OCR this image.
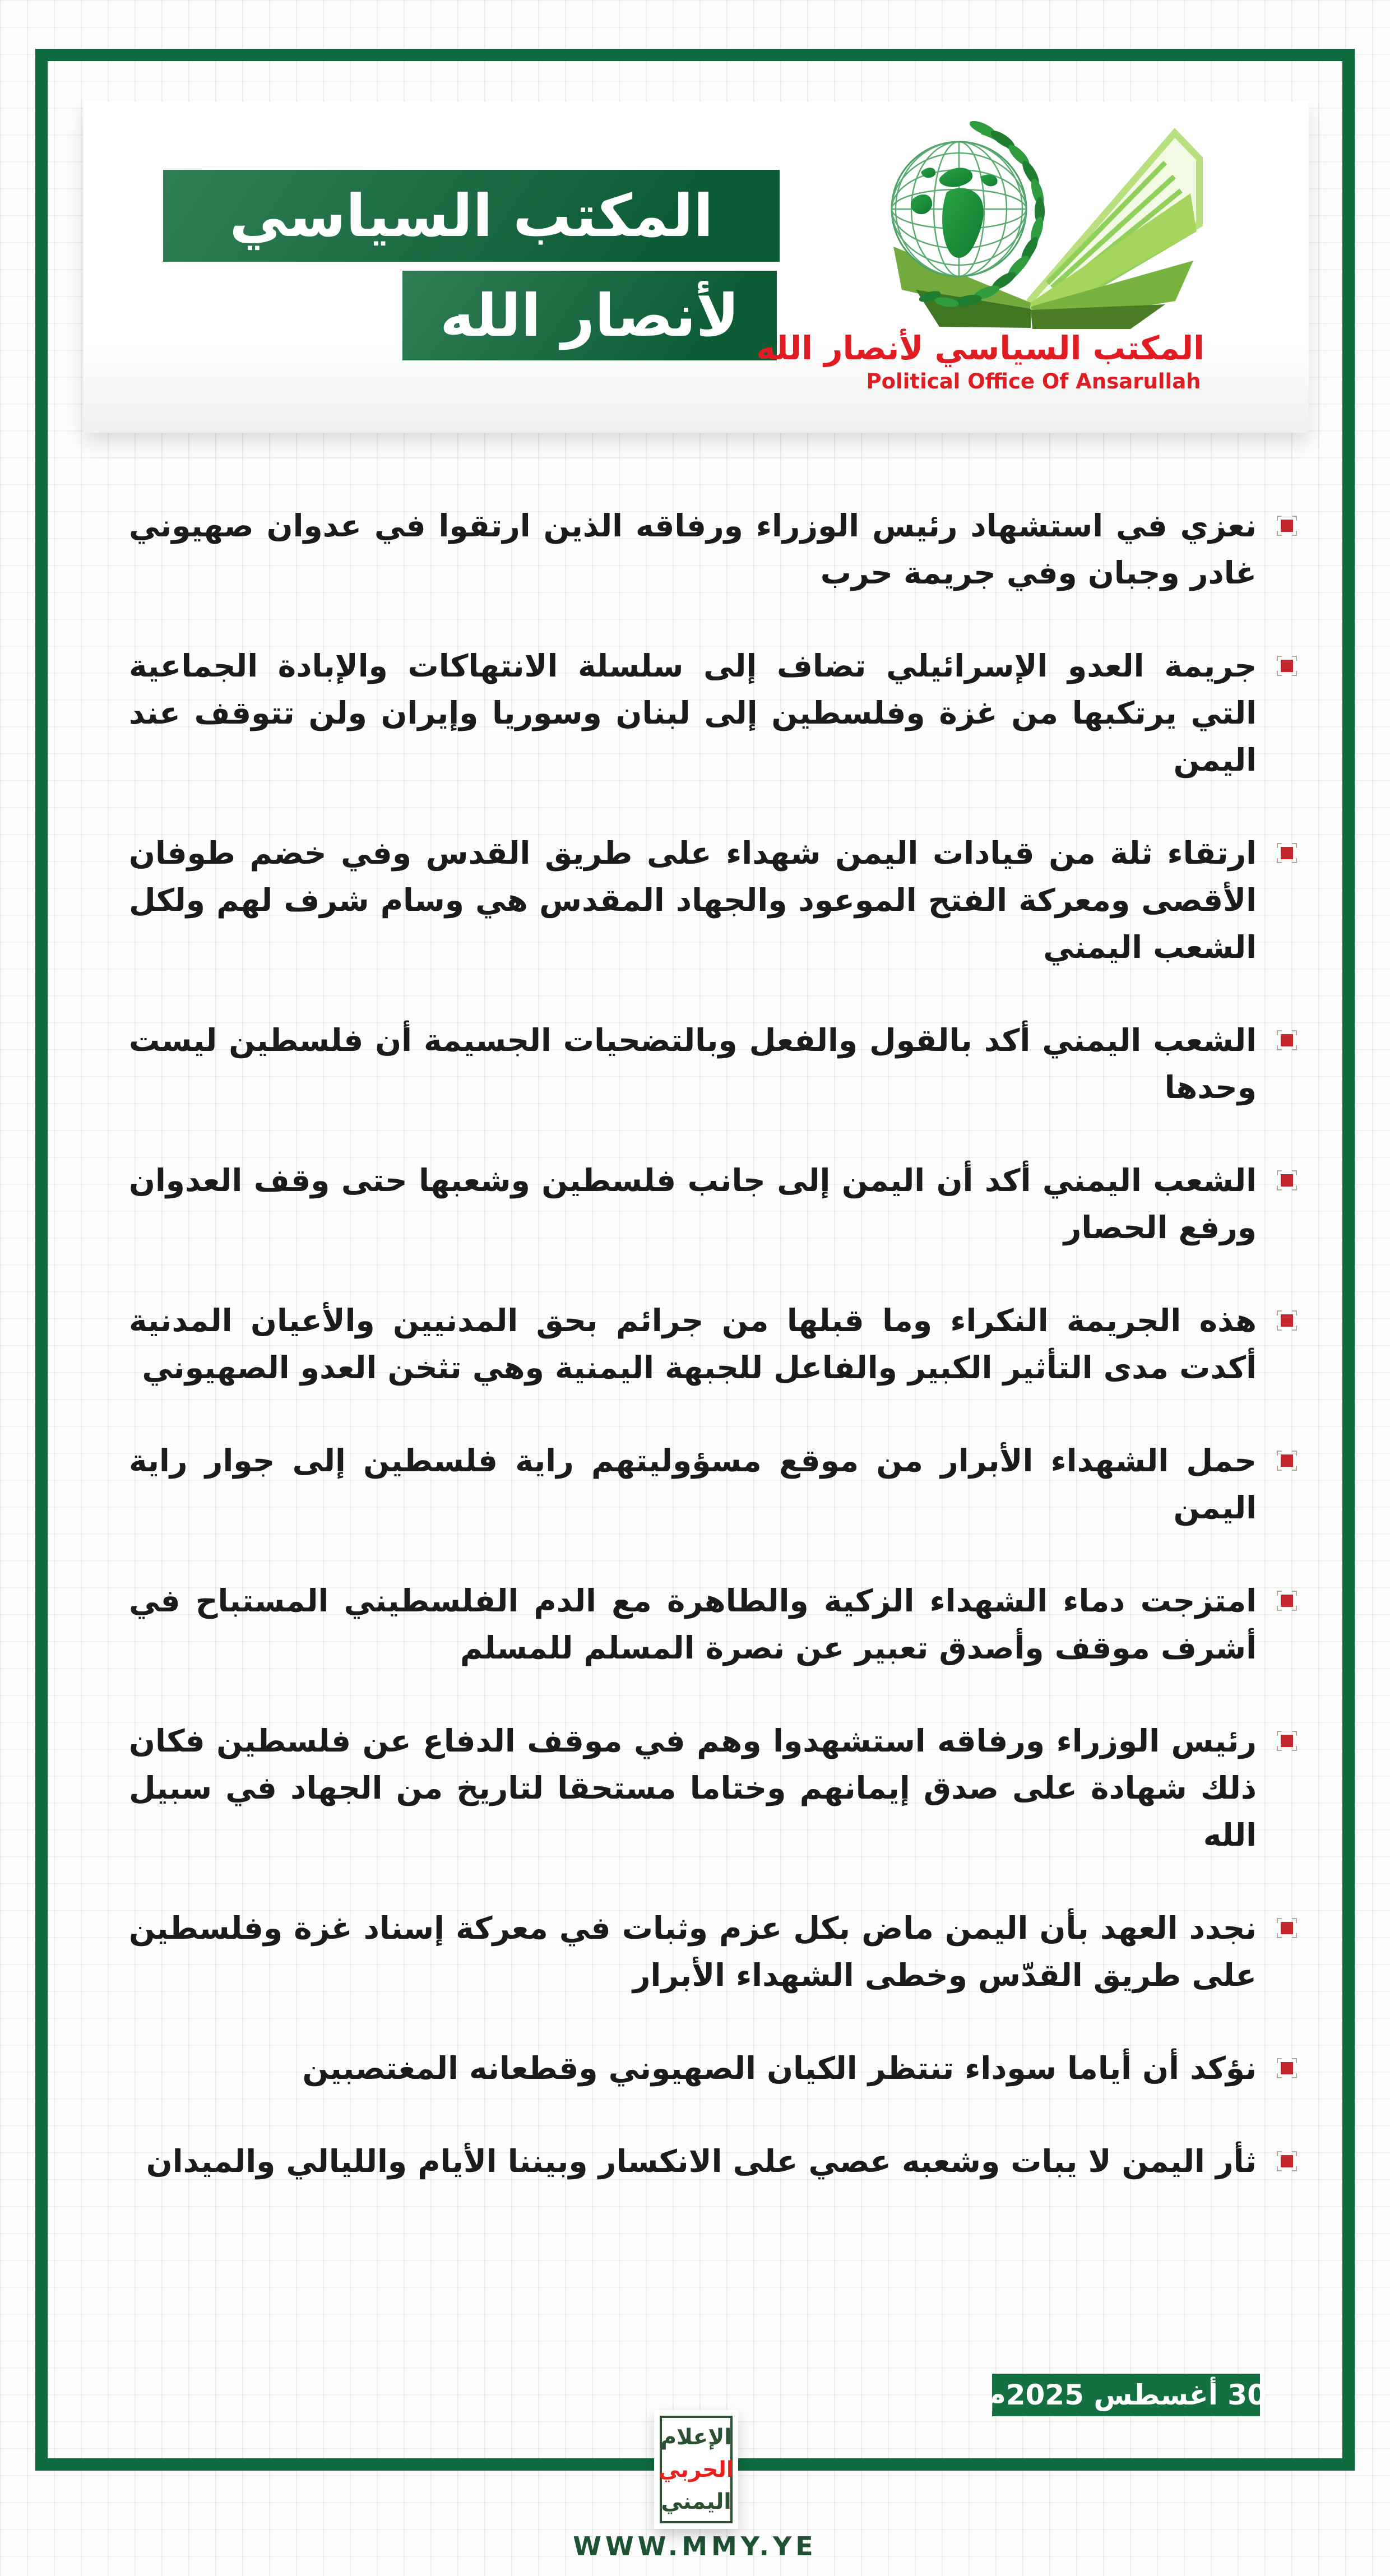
المكتب السياسي
لأنصار الله المكتب السياسي لأنصار الله
Political Office Of Ansarullah
نعزي في استشهاد رئيس الوزراء ورفاقه الذين ارتقوا في عدوان صهيوني غادر وجبان وفي جريمة حرب
جريمة العدو الإسرائيلي تضاف إلى سلسلة الانتهاكات والإبادة الجماعية التي يرتكبها من غزة وفلسطين إلى لبنان وسوريا وإيران ولن تتوقف عند اليمن
ارتقاء ثلة من قيادات اليمن شهداء على طريق القدس وفي خضم طوفان الأقصى ومعركة الفتح الموعود والجهاد المقدس هي وسام شرف لهم ولكل الشعب اليمني
الشعب اليمني أكد بالقول والفعل وبالتضحيات الجسيمة أن فلسطين ليست وحدها
الشعب اليمني أكد أن اليمن إلى جانب فلسطين وشعبها حتى وقف العدوان ورفع الحصار
هذه الجريمة النكراء وما قبلها من جرائم بحق المدنيين والأعيان المدنية أكدت مدى التأثير الكبير والفاعل للجبهة اليمنية وهي تثخن العدو الصهيوني
حمل الشهداء الأبرار من موقع مسؤوليتهم راية فلسطين إلى جوار راية اليمن
امتزجت دماء الشهداء الزكية والطاهرة مع الدم الفلسطيني المستباح في أشرف موقف وأصدق تعبير عن نصرة المسلم للمسلم
رئيس الوزراء ورفاقه استشهدوا وهم في موقف الدفاع عن فلسطين فكان ذلك شهادة على صدق إيمانهم وختاما مستحقا لتاريخ من الجهاد في سبيل الله
نجدد العهد بأن اليمن ماض بكل عزم وثبات في معركة إسناد غزة وفلسطين على طريق القدّس وخطى الشهداء الأبرار
نؤكد أن أياما سوداء تنتظر الكيان الصهيوني وقطعانه المغتصبين
ثأر اليمن لا يبات وشعبه عصي على الانكسار وبيننا الأيام والليالي والميدان
30 أغسطس 2025م
الإعلام
الحربي
اليمني
WWW.MMY.YE
